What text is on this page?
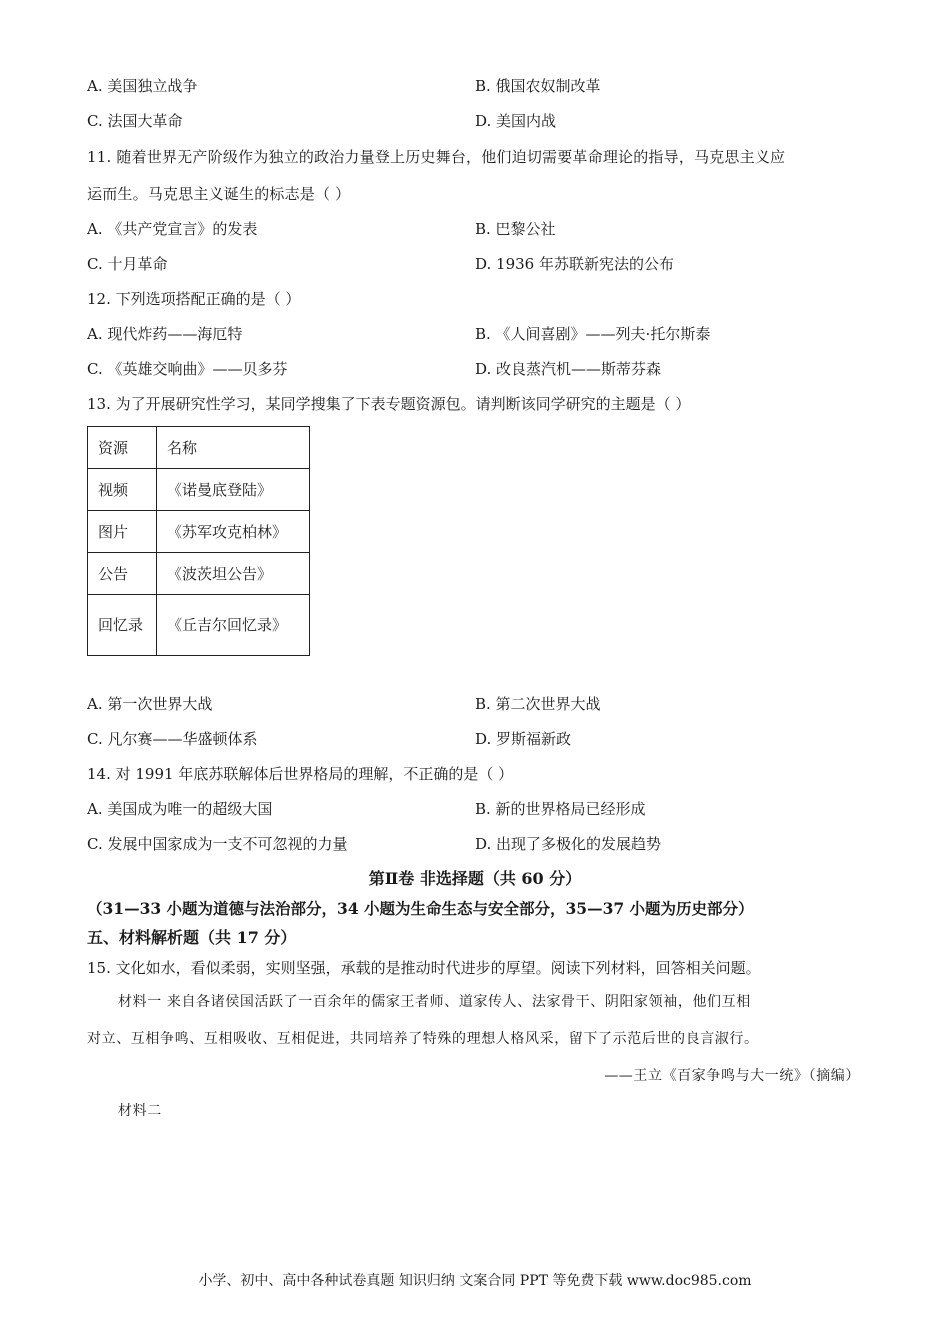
A. 美国独立战争	B. 俄国农奴制改革
C. 法国大革命	D. 美国内战
11. 随着世界无产阶级作为独立的政治力量登上历史舞台，他们迫切需要革命理论的指导，马克思主义应
运而生。马克思主义诞生的标志是（ ）
A. 《共产党宣言》的发表	B. 巴黎公社
C. 十月革命	D. 1936 年苏联新宪法的公布
12. 下列选项搭配正确的是（ ）
A. 现代炸药——海厄特	B. 《人间喜剧》——列夫·托尔斯泰
C. 《英雄交响曲》——贝多芬	D. 改良蒸汽机——斯蒂芬森
13. 为了开展研究性学习，某同学搜集了下表专题资源包。请判断该同学研究的主题是（ ）
资源	名称
视频	《诺曼底登陆》
图片	《苏军攻克柏林》
公告	《波茨坦公告》
回忆录	《丘吉尔回忆录》
A. 第一次世界大战	B. 第二次世界大战
C. 凡尔赛——华盛顿体系	D. 罗斯福新政
14. 对 1991 年底苏联解体后世界格局的理解，不正确的是（ ）
A. 美国成为唯一的超级大国	B. 新的世界格局已经形成
C. 发展中国家成为一支不可忽视的力量	D. 出现了多极化的发展趋势
第Ⅱ卷 非选择题（共 60 分）
（31—33 小题为道德与法治部分，34 小题为生命生态与安全部分，35—37 小题为历史部分）
五、材料解析题（共 17 分）
15. 文化如水，看似柔弱，实则坚强，承载的是推动时代进步的厚望。阅读下列材料，回答相关问题。
材料一 来自各诸侯国活跃了一百余年的儒家王者师、道家传人、法家骨干、阴阳家领袖，他们互相
对立、互相争鸣、互相吸收、互相促进，共同培养了特殊的理想人格风采，留下了示范后世的良言淑行。
——王立《百家争鸣与大一统》（摘编）
材料二
小学、初中、高中各种试卷真题 知识归纳 文案合同 PPT 等免费下载 www.doc985.com
